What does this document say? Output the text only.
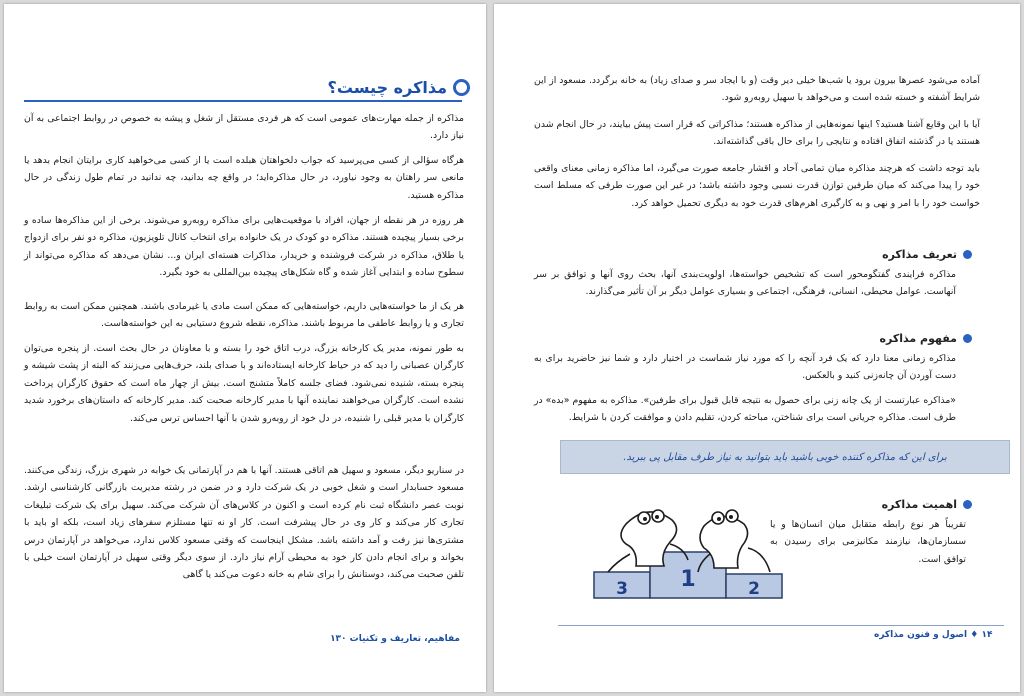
مذاکره چیست؟

مذاکره از جمله مهارت‌های عمومی است که هر فردی مستقل از شغل و پیشه به خصوص در روابط اجتماعی به آن نیاز دارد.

هرگاه سؤالی از کسی می‌پرسید که جواب دلخواهتان هبلده است یا از کسی می‌خواهید کاری برایتان انجام بدهد یا مانعی سر راهتان به وجود نیاورد، در حال مذاکره‌اید؛ در واقع چه بدانید، چه ندانید در تمام طول زندگی در حال مذاکره هستید.

هر روزه در هر نقطه از جهان، افراد با موقعیت‌هایی برای مذاکره روبه‌رو می‌شوند. برخی از این مذاکره‌ها ساده و برخی بسیار پیچیده هستند. مذاکره دو کودک در یک خانواده برای انتخاب کانال تلویزیون، مذاکره دو نفر برای ازدواج یا طلاق، مذاکره در شرکت فروشنده و خریدار، مذاکرات هسته‌ای ایران و... نشان می‌دهد که مذاکره می‌تواند از سطوح ساده و ابتدایی آغاز شده و گاه شکل‌های پیچیده بین‌المللی به خود بگیرد.

هر یک از ما خواسته‌هایی داریم، خواسته‌هایی که ممکن است مادی یا غیرمادی باشند. همچنین ممکن است به روابط تجاری و یا روابط عاطفی ما مربوط باشند. مذاکره، نقطه شروع دستیابی به این خواسته‌هاست.

به طور نمونه، مدیر یک کارخانه بزرگ، درب اتاق خود را بسته و با معاونان در حال بحث است. از پنجره می‌توان کارگران عصبانی را دید که در حیاط کارخانه ایستاده‌اند و با صدای بلند، حرف‌هایی می‌زنند که البته از پشت شیشه و پنجره بسته، شنیده نمی‌شود. فضای جلسه کاملاً متشنج است. بیش از چهار ماه است که حقوق کارگران پرداخت نشده است. کارگران می‌خواهند نماینده آنها با مدیر کارخانه صحبت کند. مدیر کارخانه که داستان‌های برخورد شدید کارگران با مدیر قبلی را شنیده، در دل خود از روبه‌رو شدن با آنها احساس ترس می‌کند.

در سناریو دیگر، مسعود و سهیل هم اتاقی هستند. آنها با هم در آپارتمانی یک خوابه در شهری بزرگ، زندگی می‌کنند. مسعود حسابدار است و شغل خوبی در یک شرکت دارد و در ضمن در رشته مدیریت بازرگانی کارشناسی ارشد. نوبت عصر دانشگاه ثبت نام کرده است و اکنون در کلاس‌های آن شرکت می‌کند. سهیل برای یک شرکت تبلیغات تجاری کار می‌کند و کار وی در حال پیشرفت است. کار او نه تنها مستلزم سفرهای زیاد است، بلکه او باید با مشتری‌ها نیز رفت و آمد داشته باشد. مشکل اینجاست که وقتی مسعود کلاس ندارد، می‌خواهد در آپارتمان درس بخواند و برای انجام دادن کار خود به محیطی آرام نیاز دارد. از سوی دیگر وقتی سهیل در آپارتمان است خیلی با تلفن صحبت می‌کند، دوستانش را برای شام به خانه دعوت می‌کند یا گاهی

مفاهیم، تعاریف و تکنیات ۱۳۰

آماده می‌شود عصرها بیرون برود یا شب‌ها خیلی دیر وقت (و با ایجاد سر و صدای زیاد) به خانه برگردد. مسعود از این شرایط آشفته و خسته شده است و می‌خواهد با سهیل روبه‌رو شود.

آیا با این وقایع آشنا هستید؟ اینها نمونه‌هایی از مذاکره هستند؛ مذاکراتی که قرار است پیش بیایند، در حال انجام شدن هستند یا در گذشته اتفاق افتاده و نتایجی را برای حال باقی گذاشته‌اند.

باید توجه داشت که هرچند مذاکره میان تمامی آحاد و اقشار جامعه صورت می‌گیرد، اما مذاکره زمانی معنای واقعی خود را پیدا می‌کند که میان طرفین توازن قدرت نسبی وجود داشته باشد؛ در غیر این صورت طرفی که مسلط است خواست خود را با امر و نهی و به کارگیری اهرم‌های قدرت خود به دیگری تحمیل خواهد کرد.

تعریف مذاکره

مذاکره فرایندی گفتگومحور است که تشخیص خواسته‌ها، اولویت‌بندی آنها، بحث روی آنها و توافق بر سر آنهاست. عوامل محیطی، انسانی، فرهنگی، اجتماعی و بسیاری عوامل دیگر بر آن تأثیر می‌گذارند.

مفهوم مذاکره

مذاکره زمانی معنا دارد که یک فرد آنچه را که مورد نیاز شماست در اختیار دارد و شما نیز حاضرید برای به دست آوردن آن چانه‌زنی کنید و بالعکس.

«مذاکره عبارتست از یک چانه زنی برای حصول به نتیجه قابل قبول برای طرفین». مذاکره به مفهوم «بده» در طرف است. مذاکره جریانی است برای شناختن، مباحثه کردن، تقلیم دادن و موافقت کردن با شرایط.

برای این که مذاکره کننده خوبی باشید باید بتوانید به نیاز طرف مقابل پی ببرید.
اهمیت مذاکره

تقریباً هر نوع رابطه متقابل میان انسان‌ها و یا سسازمان‌ها، نیازمند مکانیزمی برای رسیدن به توافق است.

1	2
3
۱۴ ♦ اصول و فنون مذاکره
